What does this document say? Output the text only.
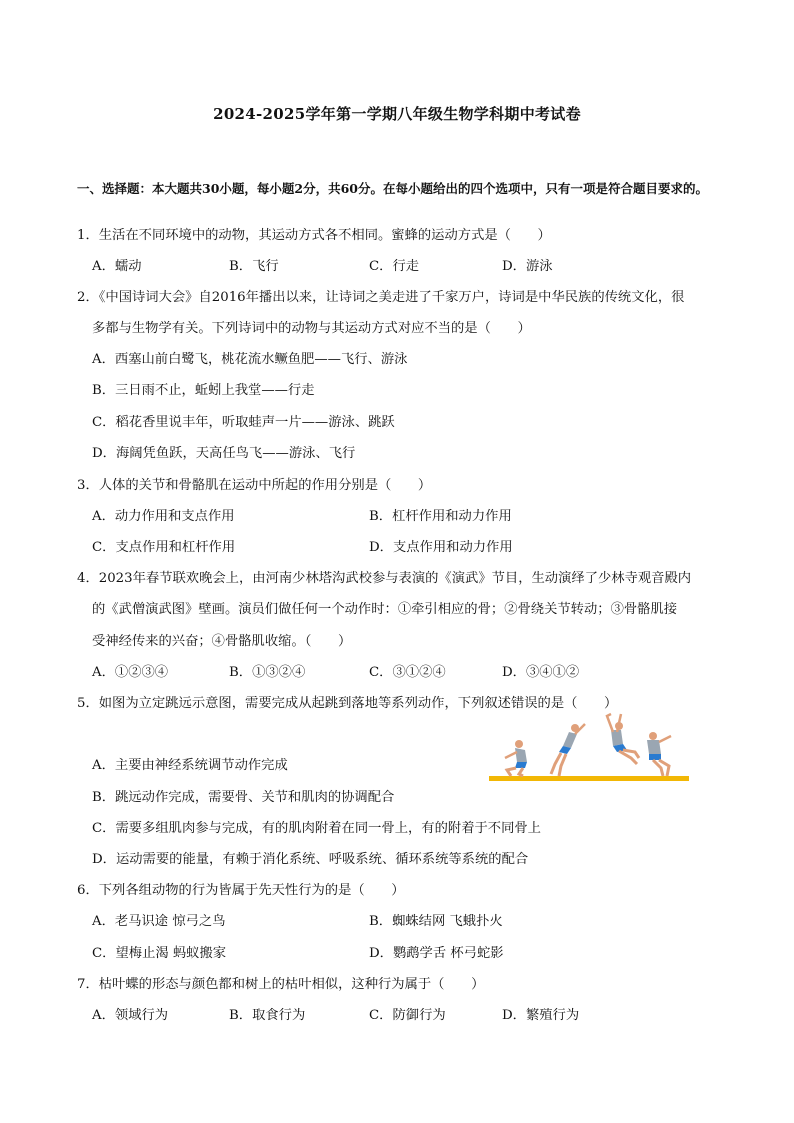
2024-2025学年第一学期八年级生物学科期中考试卷
一、选择题：本大题共30小题，每小题2分，共60分。在每小题给出的四个选项中，只有一项是符合题目要求的。
1．生活在不同环境中的动物，其运动方式各不相同。蜜蜂的运动方式是（　　）
A．蠕动	B．飞行	C．行走	D．游泳
2．《中国诗词大会》自2016年播出以来，让诗词之美走进了千家万户，诗词是中华民族的传统文化，很
多都与生物学有关。下列诗词中的动物与其运动方式对应不当的是（　　）
A．西塞山前白鹭飞，桃花流水鳜鱼肥——飞行、游泳
B．三日雨不止，蚯蚓上我堂——行走
C．稻花香里说丰年，听取蛙声一片——游泳、跳跃
D．海阔凭鱼跃，天高任鸟飞——游泳、飞行
3．人体的关节和骨骼肌在运动中所起的作用分别是（　　）
A．动力作用和支点作用	B．杠杆作用和动力作用
C．支点作用和杠杆作用	D．支点作用和动力作用
4．2023年春节联欢晚会上，由河南少林塔沟武校参与表演的《演武》节目，生动演绎了少林寺观音殿内
的《武僧演武图》壁画。演员们做任何一个动作时：①牵引相应的骨；②骨绕关节转动；③骨骼肌接
受神经传来的兴奋；④骨骼肌收缩。（　　）
A．①②③④	B．①③②④	C．③①②④	D．③④①②
5．如图为立定跳远示意图，需要完成从起跳到落地等系列动作，下列叙述错误的是（　　）
A．主要由神经系统调节动作完成
B．跳远动作完成，需要骨、关节和肌肉的协调配合
C．需要多组肌肉参与完成，有的肌肉附着在同一骨上，有的附着于不同骨上
D．运动需要的能量，有赖于消化系统、呼吸系统、循环系统等系统的配合
6．下列各组动物的行为皆属于先天性行为的是（　　）
A．老马识途 惊弓之鸟	B．蜘蛛结网 飞蛾扑火
C．望梅止渴 蚂蚁搬家	D．鹦鹉学舌 杯弓蛇影
7．枯叶蝶的形态与颜色都和树上的枯叶相似，这种行为属于（　　）
A．领域行为	B．取食行为	C．防御行为	D．繁殖行为
